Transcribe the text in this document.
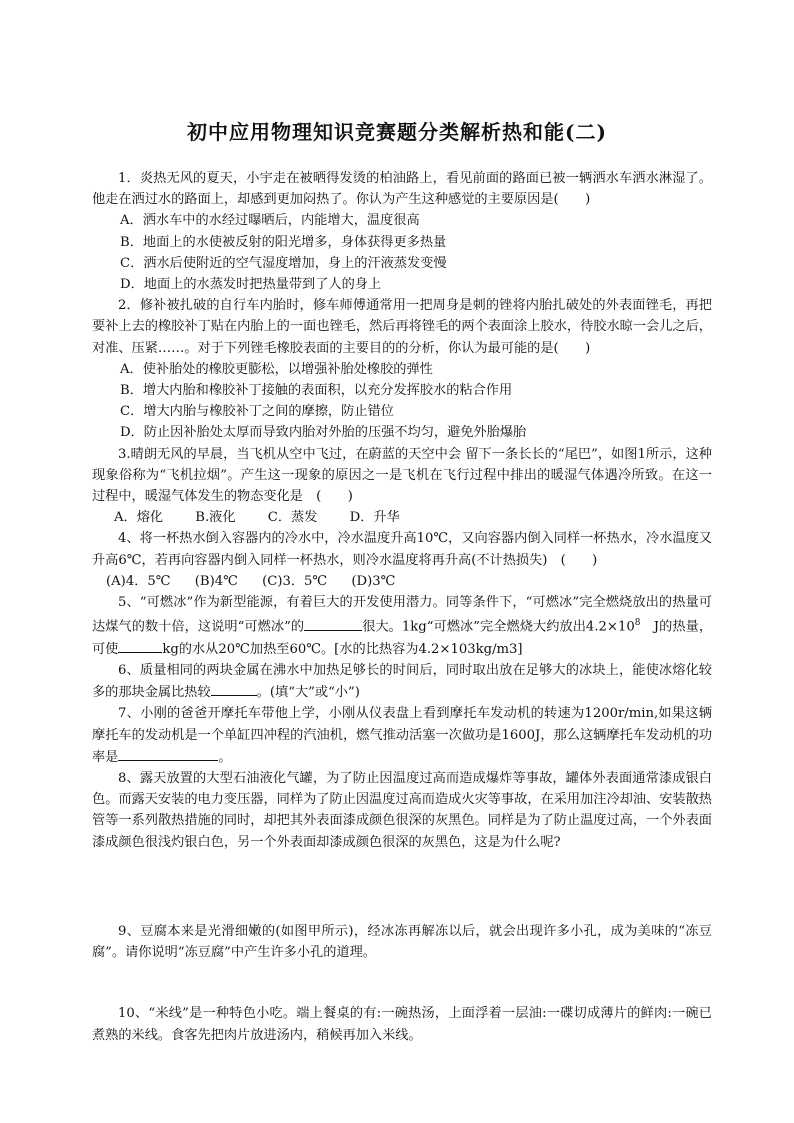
初中应用物理知识竞赛题分类解析热和能(二)

1．炎热无风的夏天，小宇走在被晒得发烫的柏油路上，看见前面的路面已被一辆洒水车洒水淋湿了。他走在洒过水的路面上，却感到更加闷热了。你认为产生这种感觉的主要原因是(　　)

A．洒水车中的水经过曝晒后，内能增大，温度很高

B．地面上的水使被反射的阳光增多，身体获得更多热量

C．洒水后使附近的空气湿度增加，身上的汗液蒸发变慢

D．地面上的水蒸发时把热量带到了人的身上

2．修补被扎破的自行车内胎时，修车师傅通常用一把周身是刺的锉将内胎扎破处的外表面锉毛，再把要补上去的橡胶补丁贴在内胎上的一面也锉毛，然后再将锉毛的两个表面涂上胶水，待胶水晾一会儿之后，对准、压紧……。对于下列锉毛橡胶表面的主要目的的分析，你认为最可能的是(　　)

A．使补胎处的橡胶更膨松，以增强补胎处橡胶的弹性

B．增大内胎和橡胶补丁接触的表面积，以充分发挥胶水的粘合作用

C．增大内胎与橡胶补丁之间的摩擦，防止错位

D．防止因补胎处太厚而导致内胎对外胎的压强不均匀，避免外胎爆胎

3.晴朗无风的早晨，当飞机从空中飞过，在蔚蓝的天空中会 留下一条长长的“尾巴”，如图1所示，这种现象俗称为“飞机拉烟”。产生这一现象的原因之一是飞机在飞行过程中排出的暖湿气体遇冷所致。在这一过程中，暖湿气体发生的物态变化是　(　　)

A．熔化 B.液化 C．蒸发 D．升华

4、将一杯热水倒入容器内的冷水中，冷水温度升高10℃，又向容器内倒入同样一杯热水，冷水温度又升高6℃，若再向容器内倒入同样一杯热水，则冷水温度将再升高(不计热损失)　(　　)

(A)4．5℃ (B)4℃ (C)3．5℃ (D)3℃

5、“可燃冰”作为新型能源，有着巨大的开发使用潜力。同等条件下，“可燃冰”完全燃烧放出的热量可达煤气的数十倍，这说明“可燃冰”的	很大。1kg“可燃冰”完全燃烧大约放出$4.2\times 10^8$　J的热量，可使	kg的水从20℃加热至60℃。[水的比热容为4.2×103kg/m3]

6、质量相同的两块金属在沸水中加热足够长的时间后，同时取出放在足够大的冰块上，能使冰熔化较多的那块金属比热较	。(填“大”或“小”)

7、小刚的爸爸开摩托车带他上学，小刚从仪表盘上看到摩托车发动机的转速为1200r/min,如果这辆摩托车的发动机是一个单缸四冲程的汽油机，燃气推动活塞一次做功是1600J，那么这辆摩托车发动机的功率是	。

8、露天放置的大型石油液化气罐，为了防止因温度过高而造成爆炸等事故，罐体外表面通常漆成银白色。而露天安装的电力变压器，同样为了防止因温度过高而造成火灾等事故，在采用加注冷却油、安装散热管等一系列散热措施的同时，却把其外表面漆成颜色很深的灰黑色。同样是为了防止温度过高，一个外表面漆成颜色很浅灼银白色，另一个外表面却漆成颜色很深的灰黑色，这是为什么呢?

9、豆腐本来是光滑细嫩的(如图甲所示)，经冰冻再解冻以后，就会出现许多小孔，成为美味的“冻豆腐”。请你说明“冻豆腐”中产生许多小孔的道理。

10、“米线”是一种特色小吃。端上餐桌的有:一碗热汤，上面浮着一层油:一碟切成薄片的鲜肉:一碗已煮熟的米线。食客先把肉片放进汤内，稍候再加入米线。
